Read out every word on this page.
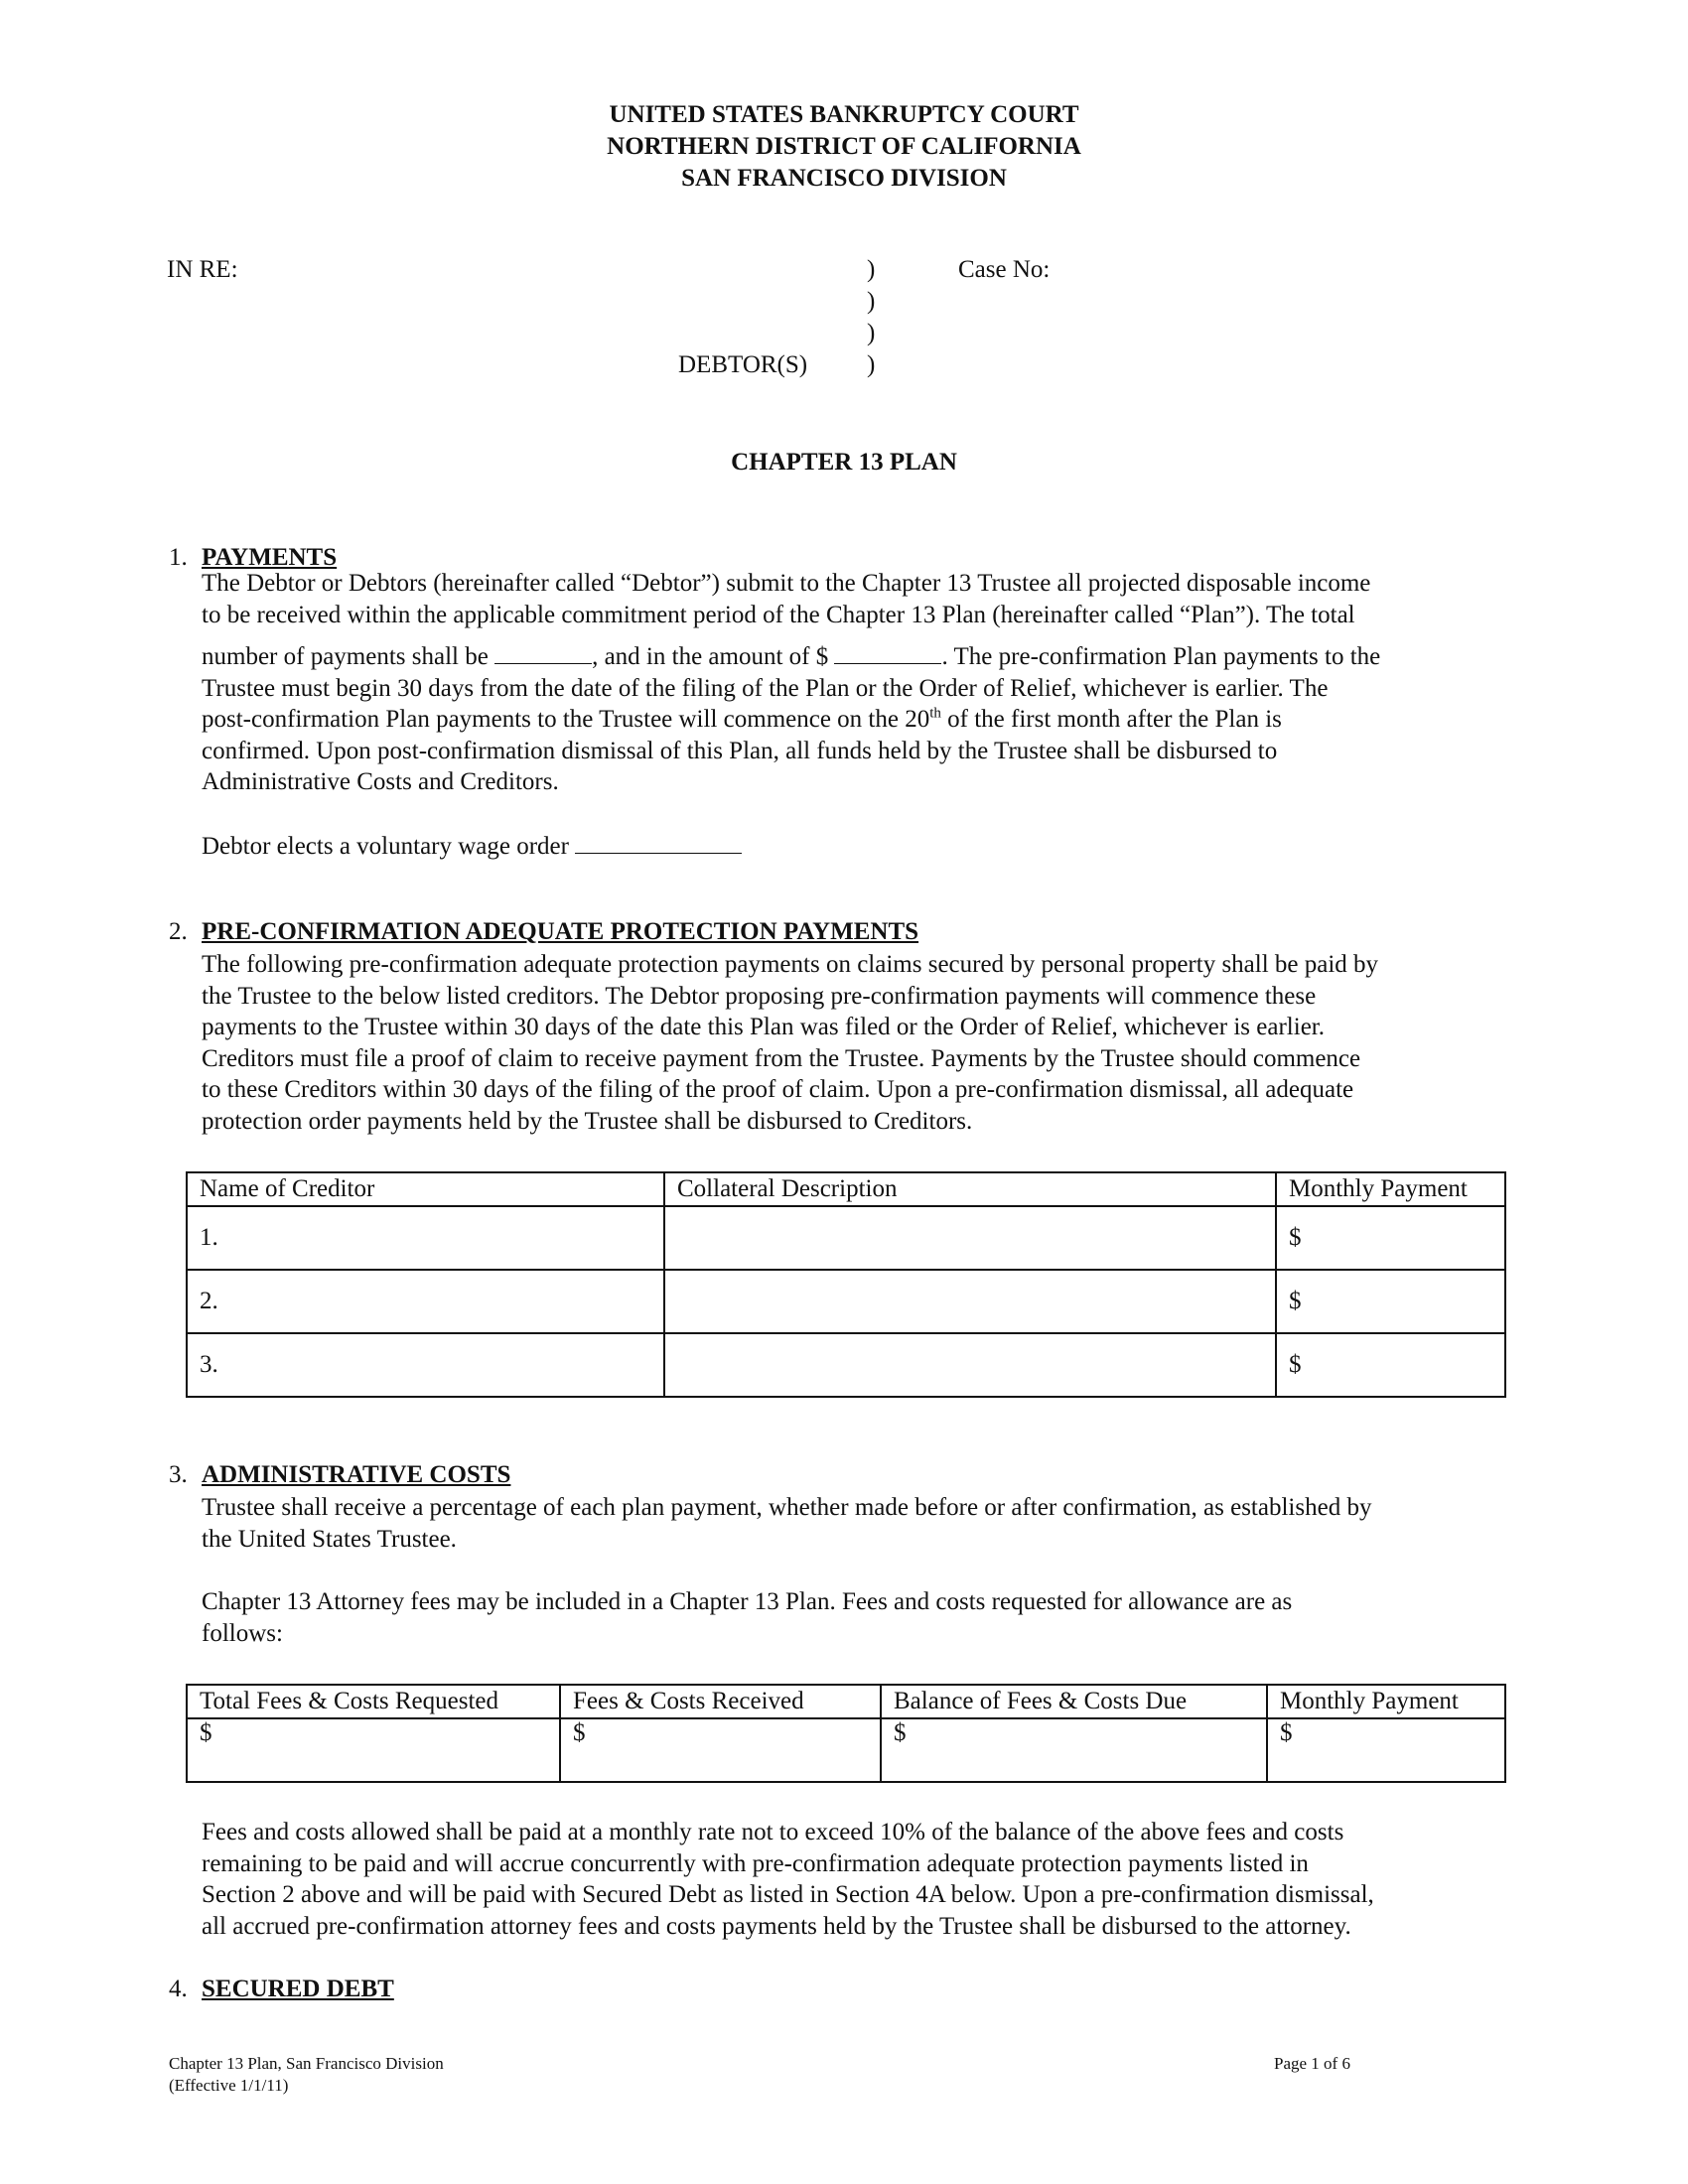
UNITED STATES BANKRUPTCY COURT
NORTHERN DISTRICT OF CALIFORNIA
SAN FRANCISCO DIVISION
IN RE:	)
)
)
)
Case No:
DEBTOR(S)
CHAPTER 13 PLAN
1. PAYMENTS

The Debtor or Debtors (hereinafter called “Debtor”) submit to the Chapter 13 Trustee all projected disposable income

to be received within the applicable commitment period of the Chapter 13 Plan (hereinafter called “Plan”). The total

number of payments shall be	, and in the amount of $	. The pre-confirmation Plan payments to the

Trustee must begin 30 days from the date of the filing of the Plan or the Order of Relief, whichever is earlier. The

post-confirmation Plan payments to the Trustee will commence on the 20th of the first month after the Plan is

confirmed. Upon post-confirmation dismissal of this Plan, all funds held by the Trustee shall be disbursed to

Administrative Costs and Creditors.

Debtor elects a voluntary wage order

2. PRE-CONFIRMATION ADEQUATE PROTECTION PAYMENTS

The following pre-confirmation adequate protection payments on claims secured by personal property shall be paid by

the Trustee to the below listed creditors. The Debtor proposing pre-confirmation payments will commence these

payments to the Trustee within 30 days of the date this Plan was filed or the Order of Relief, whichever is earlier.

Creditors must file a proof of claim to receive payment from the Trustee. Payments by the Trustee should commence

to these Creditors within 30 days of the filing of the proof of claim. Upon a pre-confirmation dismissal, all adequate

protection order payments held by the Trustee shall be disbursed to Creditors.

Name of Creditor	Collateral Description	Monthly Payment
1.		$
2.		$
3.		$
3. ADMINISTRATIVE COSTS

Trustee shall receive a percentage of each plan payment, whether made before or after confirmation, as established by

the United States Trustee.

Chapter 13 Attorney fees may be included in a Chapter 13 Plan. Fees and costs requested for allowance are as

follows:

Total Fees & Costs Requested	Fees & Costs Received	Balance of Fees & Costs Due	Monthly Payment
$	$	$	$

Fees and costs allowed shall be paid at a monthly rate not to exceed 10% of the balance of the above fees and costs

remaining to be paid and will accrue concurrently with pre-confirmation adequate protection payments listed in

Section 2 above and will be paid with Secured Debt as listed in Section 4A below. Upon a pre-confirmation dismissal,

all accrued pre-confirmation attorney fees and costs payments held by the Trustee shall be disbursed to the attorney.

4. SECURED DEBT
Chapter 13 Plan, San Francisco Division
(Effective 1/1/11)
Page 1 of 6
